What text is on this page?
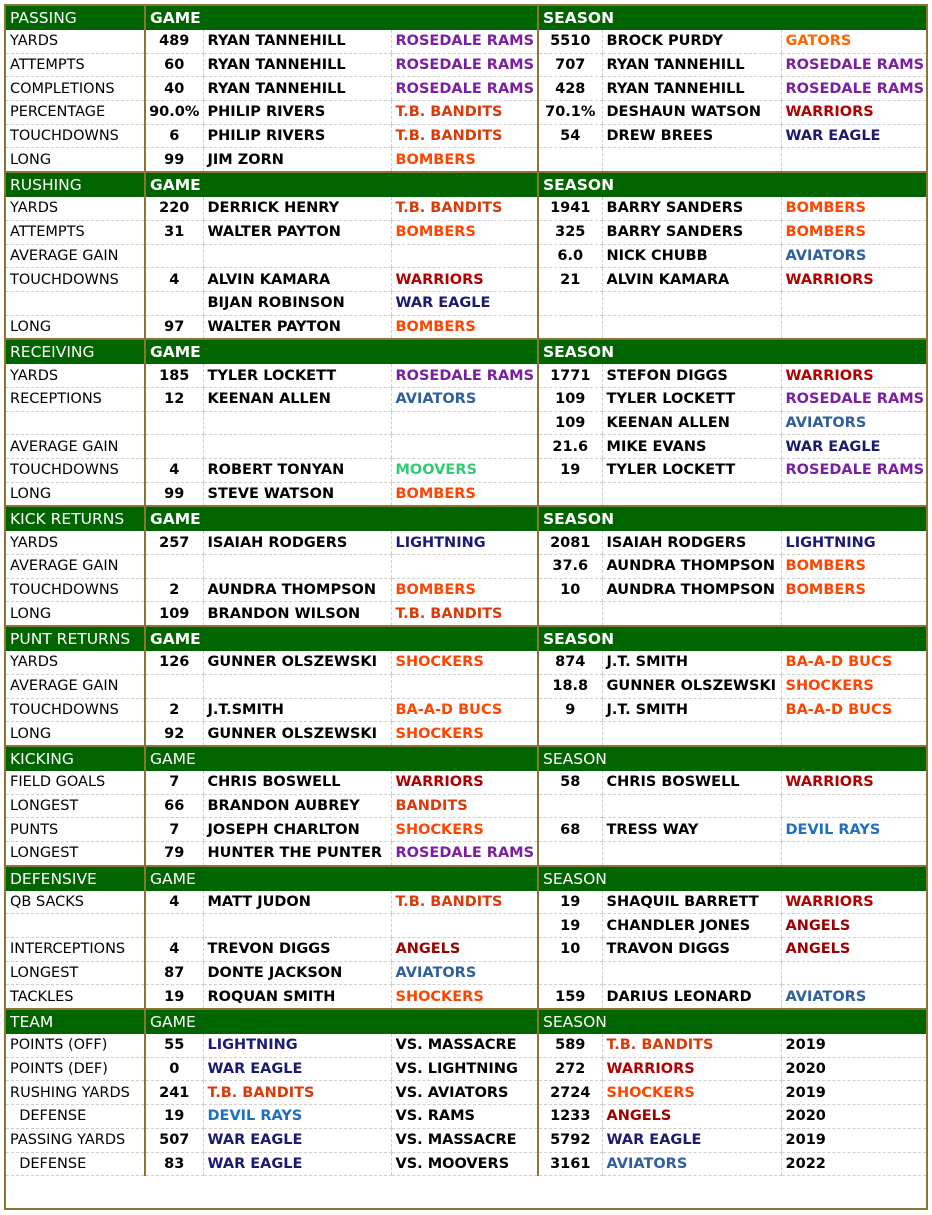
PASSING	GAME			SEASON		
YARDS	489	RYAN TANNEHILL	ROSEDALE RAMS	5510	BROCK PURDY	GATORS
ATTEMPTS	60	RYAN TANNEHILL	ROSEDALE RAMS	707	RYAN TANNEHILL	ROSEDALE RAMS
COMPLETIONS	40	RYAN TANNEHILL	ROSEDALE RAMS	428	RYAN TANNEHILL	ROSEDALE RAMS
PERCENTAGE	90.0%	PHILIP RIVERS	T.B. BANDITS	70.1%	DESHAUN WATSON	WARRIORS
TOUCHDOWNS	6	PHILIP RIVERS	T.B. BANDITS	54	DREW BREES	WAR EAGLE
LONG	99	JIM ZORN	BOMBERS			
RUSHING	GAME			SEASON		
YARDS	220	DERRICK HENRY	T.B. BANDITS	1941	BARRY SANDERS	BOMBERS
ATTEMPTS	31	WALTER PAYTON	BOMBERS	325	BARRY SANDERS	BOMBERS
AVERAGE GAIN				6.0	NICK CHUBB	AVIATORS
TOUCHDOWNS	4	ALVIN KAMARA	WARRIORS	21	ALVIN KAMARA	WARRIORS
		BIJAN ROBINSON	WAR EAGLE			
LONG	97	WALTER PAYTON	BOMBERS			
RECEIVING	GAME			SEASON		
YARDS	185	TYLER LOCKETT	ROSEDALE RAMS	1771	STEFON DIGGS	WARRIORS
RECEPTIONS	12	KEENAN ALLEN	AVIATORS	109	TYLER LOCKETT	ROSEDALE RAMS
				109	KEENAN ALLEN	AVIATORS
AVERAGE GAIN				21.6	MIKE EVANS	WAR EAGLE
TOUCHDOWNS	4	ROBERT TONYAN	MOOVERS	19	TYLER LOCKETT	ROSEDALE RAMS
LONG	99	STEVE WATSON	BOMBERS			
KICK RETURNS	GAME			SEASON		
YARDS	257	ISAIAH RODGERS	LIGHTNING	2081	ISAIAH RODGERS	LIGHTNING
AVERAGE GAIN				37.6	AUNDRA THOMPSON	BOMBERS
TOUCHDOWNS	2	AUNDRA THOMPSON	BOMBERS	10	AUNDRA THOMPSON	BOMBERS
LONG	109	BRANDON WILSON	T.B. BANDITS			
PUNT RETURNS	GAME			SEASON		
YARDS	126	GUNNER OLSZEWSKI	SHOCKERS	874	J.T. SMITH	BA-A-D BUCS
AVERAGE GAIN				18.8	GUNNER OLSZEWSKI	SHOCKERS
TOUCHDOWNS	2	J.T.SMITH	BA-A-D BUCS	9	J.T. SMITH	BA-A-D BUCS
LONG	92	GUNNER OLSZEWSKI	SHOCKERS			
KICKING	GAME			SEASON		
FIELD GOALS	7	CHRIS BOSWELL	WARRIORS	58	CHRIS BOSWELL	WARRIORS
LONGEST	66	BRANDON AUBREY	BANDITS			
PUNTS	7	JOSEPH CHARLTON	SHOCKERS	68	TRESS WAY	DEVIL RAYS
LONGEST	79	HUNTER THE PUNTER	ROSEDALE RAMS			
DEFENSIVE	GAME			SEASON		
QB SACKS	4	MATT JUDON	T.B. BANDITS	19	SHAQUIL BARRETT	WARRIORS
				19	CHANDLER JONES	ANGELS
INTERCEPTIONS	4	TREVON DIGGS	ANGELS	10	TRAVON DIGGS	ANGELS
LONGEST	87	DONTE JACKSON	AVIATORS			
TACKLES	19	ROQUAN SMITH	SHOCKERS	159	DARIUS LEONARD	AVIATORS
TEAM	GAME			SEASON		
POINTS (OFF)	55	LIGHTNING	VS. MASSACRE	589	T.B. BANDITS	2019
POINTS (DEF)	0	WAR EAGLE	VS. LIGHTNING	272	WARRIORS	2020
RUSHING YARDS	241	T.B. BANDITS	VS. AVIATORS	2724	SHOCKERS	2019
DEFENSE	19	DEVIL RAYS	VS. RAMS	1233	ANGELS	2020
PASSING YARDS	507	WAR EAGLE	VS. MASSACRE	5792	WAR EAGLE	2019
DEFENSE	83	WAR EAGLE	VS. MOOVERS	3161	AVIATORS	2022
